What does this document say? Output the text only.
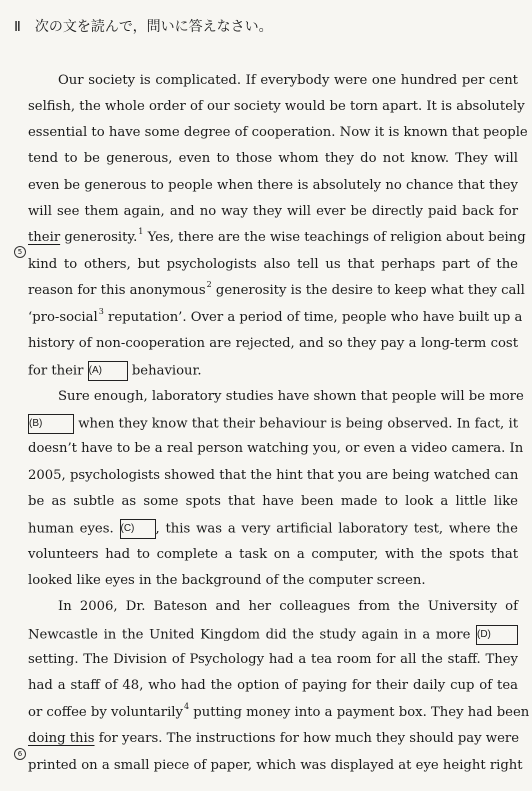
Ⅱ 次の文を読んで，問いに答えなさい。
Our society is complicated. If everybody were one hundred per cent
selfish, the whole order of our society would be torn apart. It is absolutely
essential to have some degree of cooperation. Now it is known that people
tend to be generous, even to those whom they do not know. They will
even be generous to people when there is absolutely no chance that they
will see them again, and no way they will ever be directly paid back for
their generosity.$^1$ Yes, there are the wise teachings of religion about being
5
kind to others, but psychologists also tell us that perhaps part of the
reason for this anonymous$^2$ generosity is the desire to keep what they call
‘pro-social$^3$ reputation’. Over a period of time, people who have built up a
history of non-cooperation are rejected, and so they pay a long-term cost
for their (A) behaviour.
Sure enough, laboratory studies have shown that people will be more
(B)	when they know that their behaviour is being observed. In fact, it
doesn’t have to be a real person watching you, or even a video camera. In
2005, psychologists showed that the hint that you are being watched can
be as subtle as some spots that have been made to look a little like
human eyes. (C) , this was a very artificial laboratory test, where the
volunteers had to complete a task on a computer, with the spots that
looked like eyes in the background of the computer screen.
In 2006, Dr. Bateson and her colleagues from the University of
Newcastle in the United Kingdom did the study again in a more (D)
setting. The Division of Psychology had a tea room for all the staff. They
had a staff of 48, who had the option of paying for their daily cup of tea
or coffee by voluntarily$^4$ putting money into a payment box. They had been
doing this for years. The instructions for how much they should pay were
6
printed on a small piece of paper, which was displayed at eye height right
